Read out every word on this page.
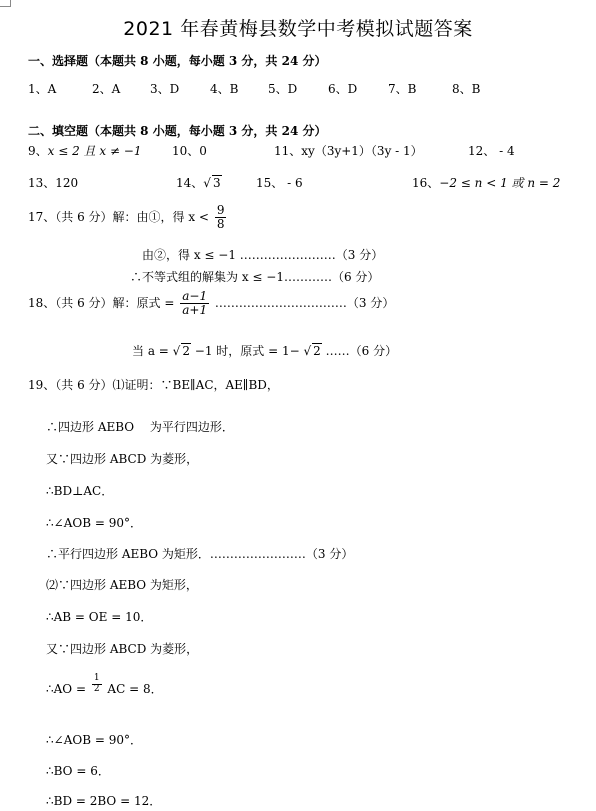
2021 年春黄梅县数学中考模拟试题答案
一、选择题（本题共 8 小题，每小题 3 分，共 24 分）
1、A	2、A 3、D	4、B 5、D	6、D	7、B	8、B
二、填空题（本题共 8 小题，每小题 3 分，共 24 分）
9、x ≤ 2 且 x ≠ −1	10、0	11、xy（3y+1）（3y - 1）	12、 - 4
13、120	14、 √ 3	15、 - 6	16、−2 ≤ n < 1 或 n = 2
17、（共 6 分）解：由①，得 $x < \frac{9}{8}$
由②，得 x ≤ −1 ……………………（3 分）
∴不等式组的解集为 x ≤ −1…………（6 分）
18、（共 6 分）解：原式 = $\frac{a-1}{a+1}$ ……………………………（3 分）
当 a = √ 2 −1 时，原式 = 1− √ 2 ……（6 分）
19、（共 6 分）⑴证明：∵BE∥AC，AE∥BD，
∴四边形 AEBO　 为平行四边形．
又∵四边形 ABCD 为菱形，
∴BD⊥AC．
∴∠AOB = 90°．
∴平行四边形 AEBO 为矩形．……………………（3 分）
⑵∵四边形 AEBO 为矩形，
∴AB = OE = 10．
又∵四边形 ABCD 为菱形，
∴AO = $\frac{1}{2}$ AC = 8．
∴∠AOB = 90°．
∴BO = 6．
∴BD = 2BO = 12．
